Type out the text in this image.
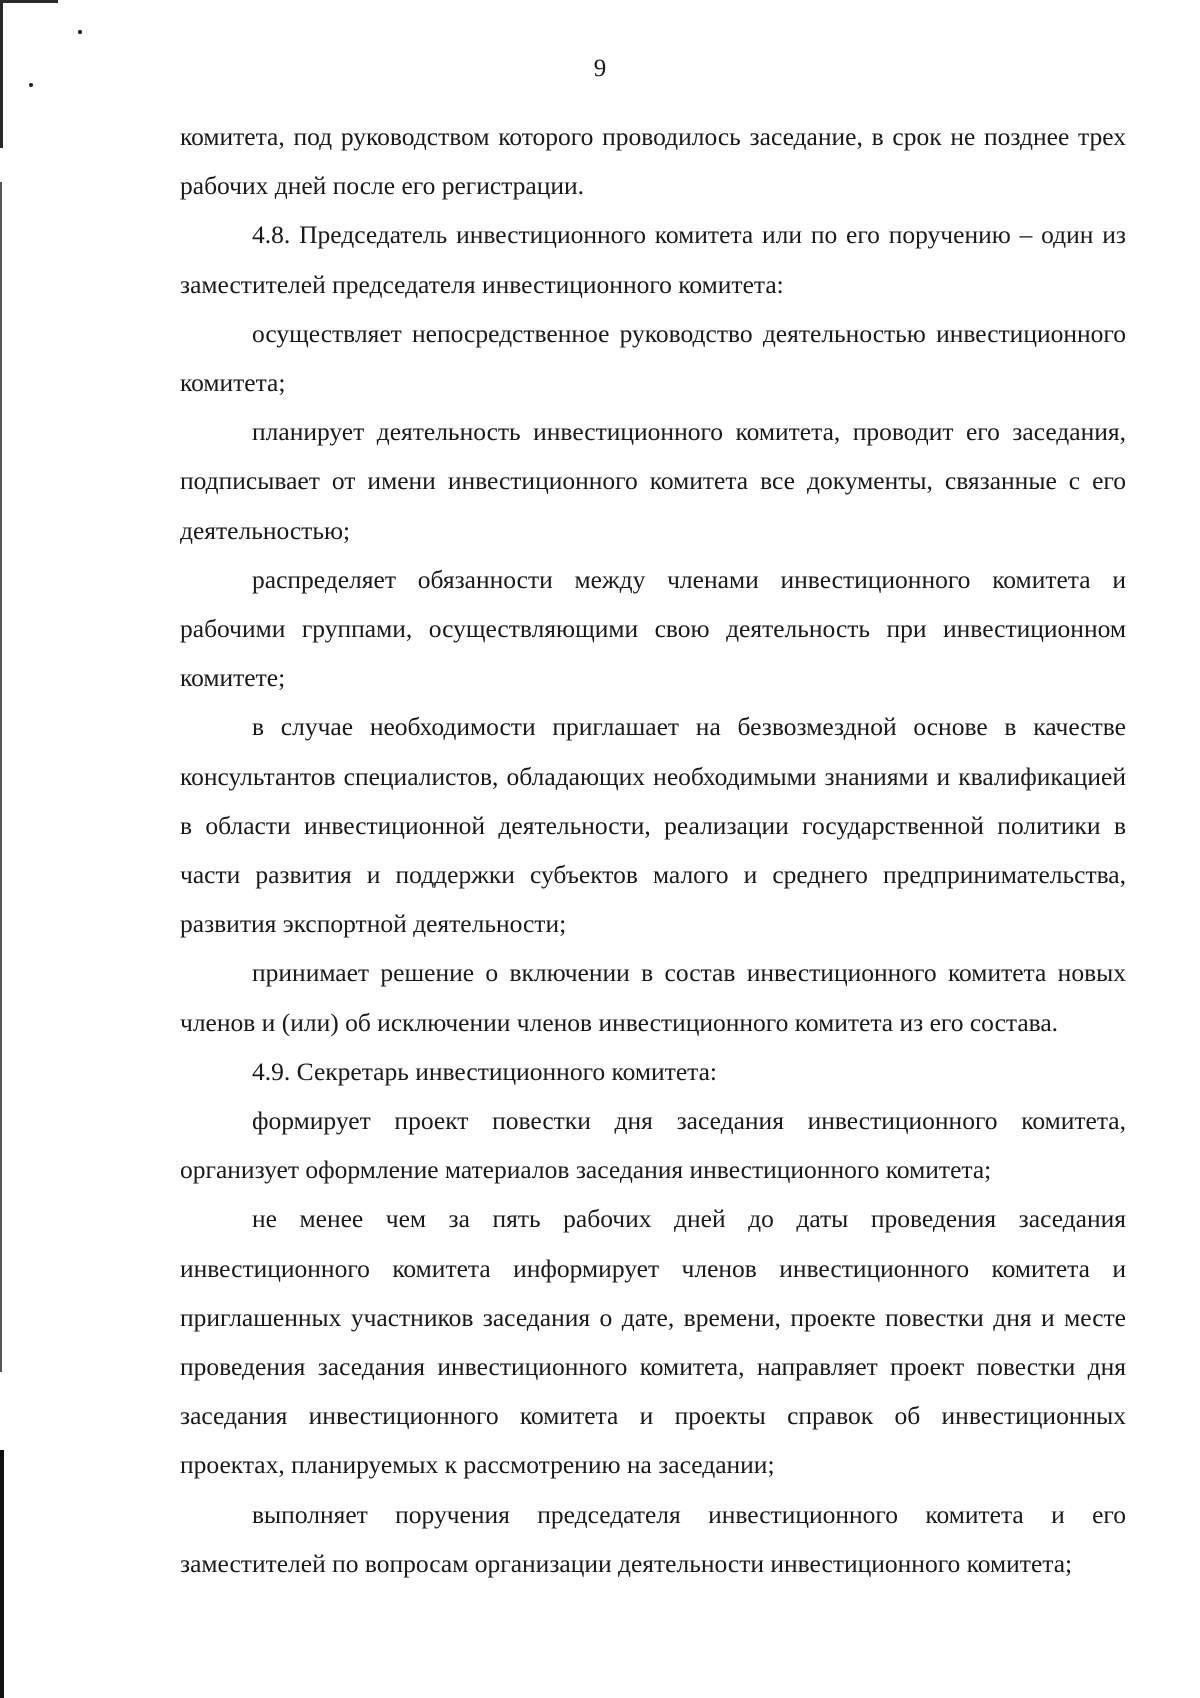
9

комитета, под руководством которого проводилось заседание, в срок не позднее трех рабочих дней после его регистрации.

4.8. Председатель инвестиционного комитета или по его поручению – один из заместителей председателя инвестиционного комитета:

осуществляет непосредственное руководство деятельностью инвестиционного комитета;

планирует деятельность инвестиционного комитета, проводит его заседания, подписывает от имени инвестиционного комитета все документы, связанные с его деятельностью;

распределяет обязанности между членами инвестиционного комитета и рабочими группами, осуществляющими свою деятельность при инвестиционном комитете;

в случае необходимости приглашает на безвозмездной основе в качестве консультантов специалистов, обладающих необходимыми знаниями и квалификацией в области инвестиционной деятельности, реализации государственной политики в части развития и поддержки субъектов малого и среднего предпринимательства, развития экспортной деятельности;

принимает решение о включении в состав инвестиционного комитета новых членов и (или) об исключении членов инвестиционного комитета из его состава.

4.9. Секретарь инвестиционного комитета:

формирует проект повестки дня заседания инвестиционного комитета, организует оформление материалов заседания инвестиционного комитета;

не менее чем за пять рабочих дней до даты проведения заседания инвестиционного комитета информирует членов инвестиционного комитета и приглашенных участников заседания о дате, времени, проекте повестки дня и месте проведения заседания инвестиционного комитета, направляет проект повестки дня заседания инвестиционного комитета и проекты справок об инвестиционных проектах, планируемых к рассмотрению на заседании;

выполняет поручения председателя инвестиционного комитета и его заместителей по вопросам организации деятельности инвестиционного комитета;
